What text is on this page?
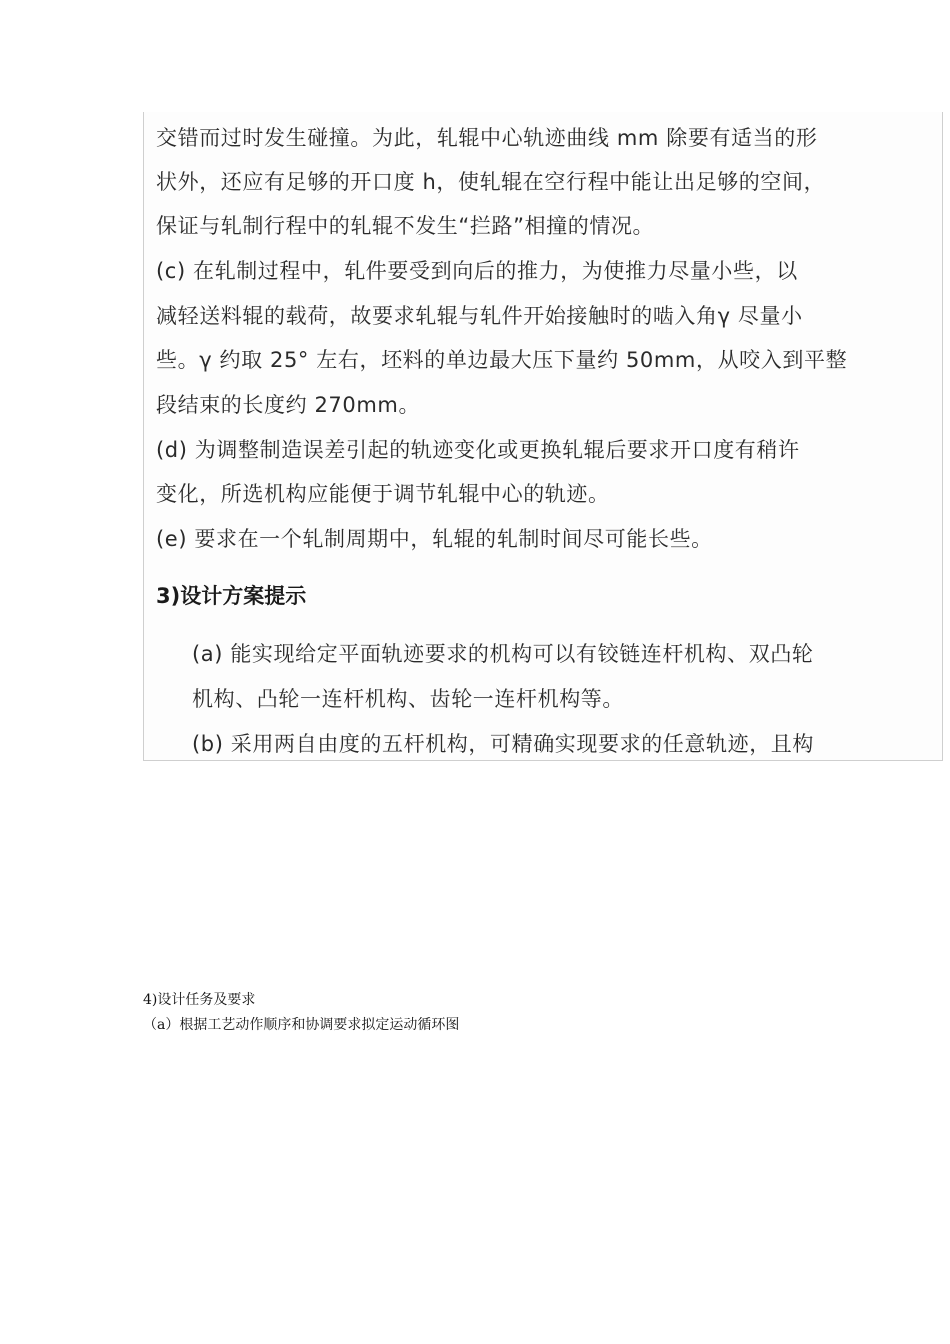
交错而过时发生碰撞。为此，轧辊中心轨迹曲线 mm 除要有适当的形
状外，还应有足够的开口度 h，使轧辊在空行程中能让出足够的空间，
保证与轧制行程中的轧辊不发生“拦路”相撞的情况。
(c) 在轧制过程中，轧件要受到向后的推力，为使推力尽量小些，以
减轻送料辊的载荷，故要求轧辊与轧件开始接触时的啮入角γ 尽量小
些。γ 约取 25° 左右，坯料的单边最大压下量约 50mm，从咬入到平整
段结束的长度约 270mm。
(d) 为调整制造误差引起的轨迹变化或更换轧辊后要求开口度有稍许
变化，所选机构应能便于调节轧辊中心的轨迹。
(e) 要求在一个轧制周期中，轧辊的轧制时间尽可能长些。
3)设计方案提示
(a) 能实现给定平面轨迹要求的机构可以有铰链连杆机构、双凸轮
机构、凸轮一连杆机构、齿轮一连杆机构等。
(b) 采用两自由度的五杆机构，可精确实现要求的任意轨迹，且构
4)设计任务及要求
（a）根据工艺动作顺序和协调要求拟定运动循环图
